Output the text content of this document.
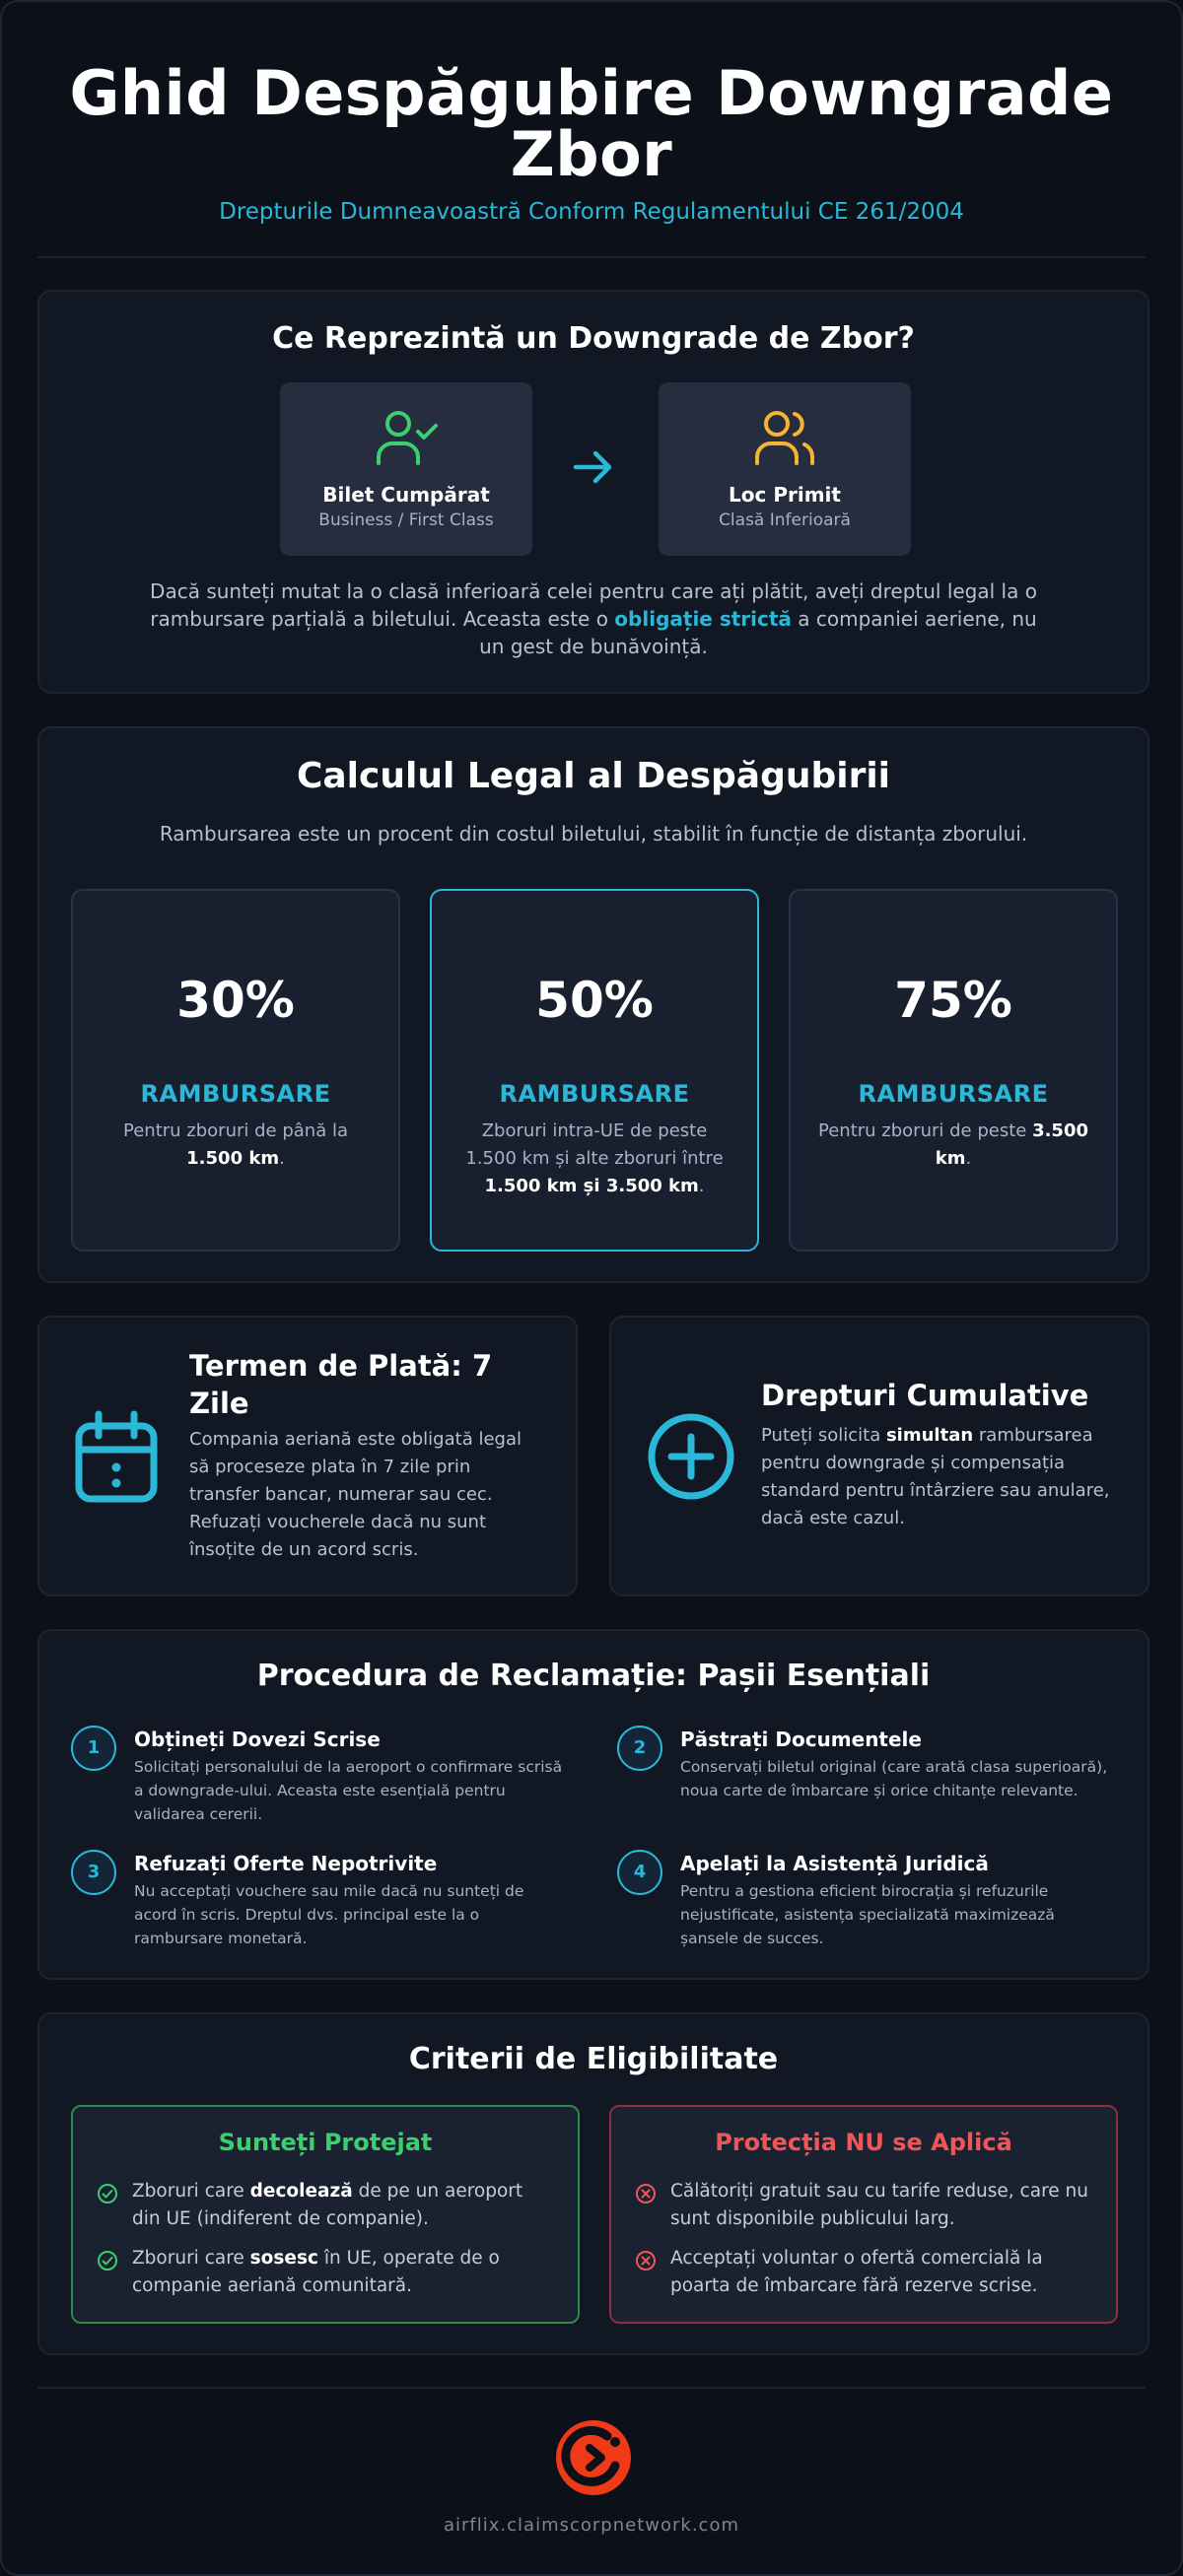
Ghid Despăgubire Downgrade Zbor
Drepturile Dumneavoastră Conform Regulamentului CE 261/2004
Ce Reprezintă un Downgrade de Zbor?
Bilet Cumpărat
Business / First Class
Loc Primit
Clasă Inferioară
Dacă sunteți mutat la o clasă inferioară celei pentru care ați plătit, aveți dreptul legal la o rambursare parțială a biletului. Aceasta este o obligație strictă a companiei aeriene, nu un gest de bunăvoință.
Calculul Legal al Despăgubirii
Rambursarea este un procent din costul biletului, stabilit în funcție de distanța zborului.
30%
RAMBURSARE
Pentru zboruri de până la 1.500 km.
50%
RAMBURSARE
Zboruri intra-UE de peste 1.500 km și alte zboruri între 1.500 km și 3.500 km.
75%
RAMBURSARE
Pentru zboruri de peste 3.500 km.
Termen de Plată: 7 Zile
Compania aeriană este obligată legal să proceseze plata în 7 zile prin transfer bancar, numerar sau cec. Refuzați voucherele dacă nu sunt însoțite de un acord scris.
Drepturi Cumulative
Puteți solicita simultan rambursarea pentru downgrade și compensația standard pentru întârziere sau anulare, dacă este cazul.
Procedura de Reclamație: Pașii Esențiali
1	Obțineți Dovezi Scrise
Solicitați personalului de la aeroport o confirmare scrisă a downgrade-ului. Aceasta este esențială pentru validarea cererii.
2	Păstrați Documentele
Conservați biletul original (care arată clasa superioară), noua carte de îmbarcare și orice chitanțe relevante.
3	Refuzați Oferte Nepotrivite
Nu acceptați vouchere sau mile dacă nu sunteți de acord în scris. Dreptul dvs. principal este la o rambursare monetară.
4	Apelați la Asistență Juridică
Pentru a gestiona eficient birocrația și refuzurile nejustificate, asistența specializată maximizează șansele de succes.
Criterii de Eligibilitate
Sunteți Protejat
Zboruri care decolează de pe un aeroport din UE (indiferent de companie).
Zboruri care sosesc în UE, operate de o companie aeriană comunitară.
Protecția NU se Aplică
Călătoriți gratuit sau cu tarife reduse, care nu sunt disponibile publicului larg.
Acceptați voluntar o ofertă comercială la poarta de îmbarcare fără rezerve scrise.
airflix.claimscorpnetwork.com
